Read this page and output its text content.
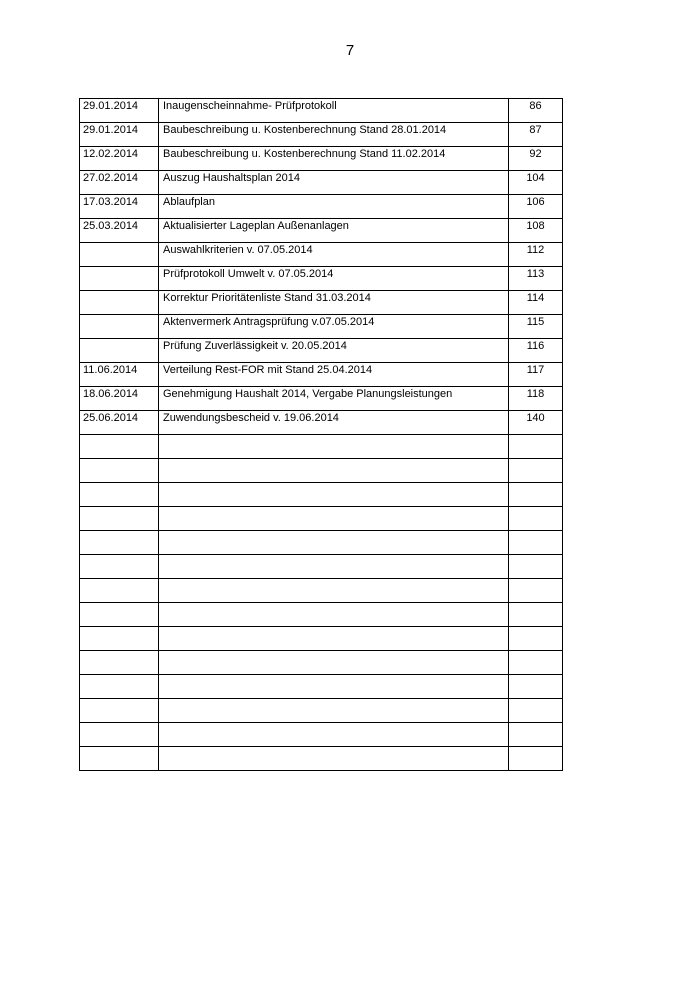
7
29.01.2014	Inaugenscheinnahme- Prüfprotokoll	86

29.01.2014	Baubeschreibung u. Kostenberechnung Stand 28.01.2014	87

12.02.2014	Baubeschreibung u. Kostenberechnung Stand 11.02.2014	92

27.02.2014	Auszug Haushaltsplan 2014	104

17.03.2014	Ablaufplan	106

25.03.2014	Aktualisierter Lageplan Außenanlagen	108

	Auswahlkriterien v. 07.05.2014	112

	Prüfprotokoll Umwelt v. 07.05.2014	113

	Korrektur Prioritätenliste Stand 31.03.2014	114

	Aktenvermerk Antragsprüfung v.07.05.2014	115

	Prüfung Zuverlässigkeit v. 20.05.2014	116

11.06.2014	Verteilung Rest-FOR mit Stand 25.04.2014	117

18.06.2014	Genehmigung Haushalt 2014, Vergabe Planungsleistungen	118

25.06.2014	Zuwendungsbescheid v. 19.06.2014	140
